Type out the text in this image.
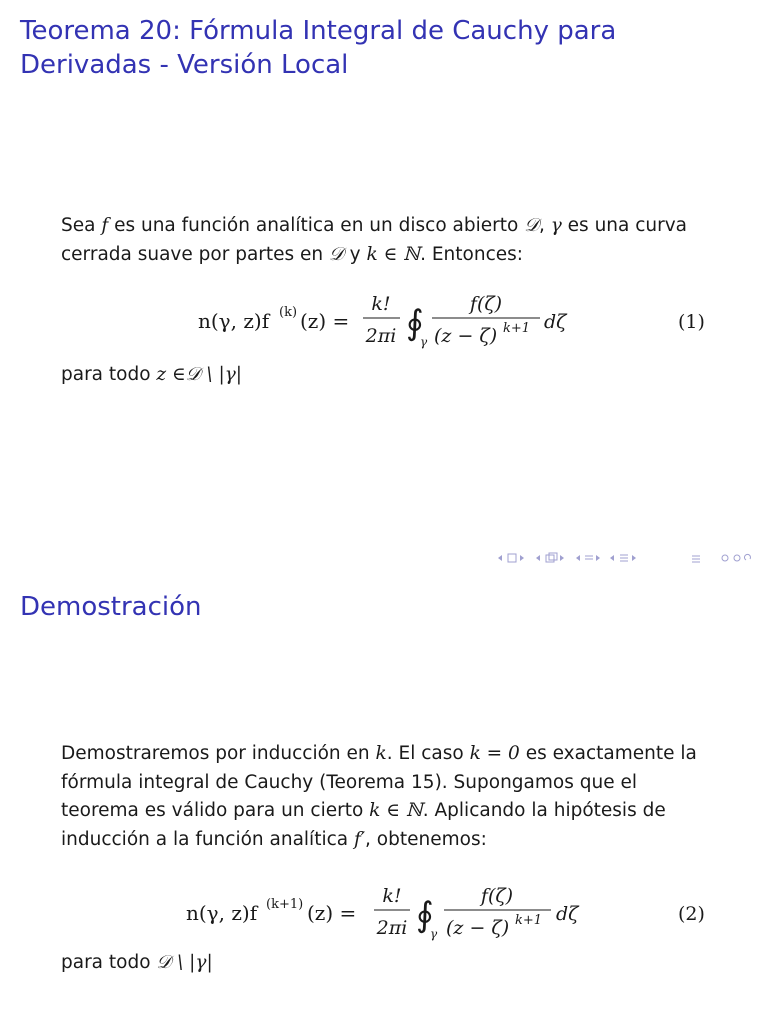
Teorema 20: Fórmula Integral de Cauchy para Derivadas - Versión Local

Sea f es una función analítica en un disco abierto 𝒟, γ es una curva cerrada suave por partes en 𝒟 y k ∈ ℕ. Entonces:

n(γ, z)f (k) (z) =
k!
2πi ∮
γ
f(ζ)
(z − ζ) k+1 dζ	(1)

para todo z ∈𝒟 \ |γ|

Demostración

Demostraremos por inducción en k. El caso k = 0 es exactamente la fórmula integral de Cauchy (Teorema 15). Supongamos que el teorema es válido para un cierto k ∈ ℕ. Aplicando la hipótesis de inducción a la función analítica f′, obtenemos:

n(γ, z)f (k+1) (z) =
k!
2πi ∮
γ
f(ζ)
(z − ζ) k+1 dζ	(2)

para todo 𝒟 \ |γ|
